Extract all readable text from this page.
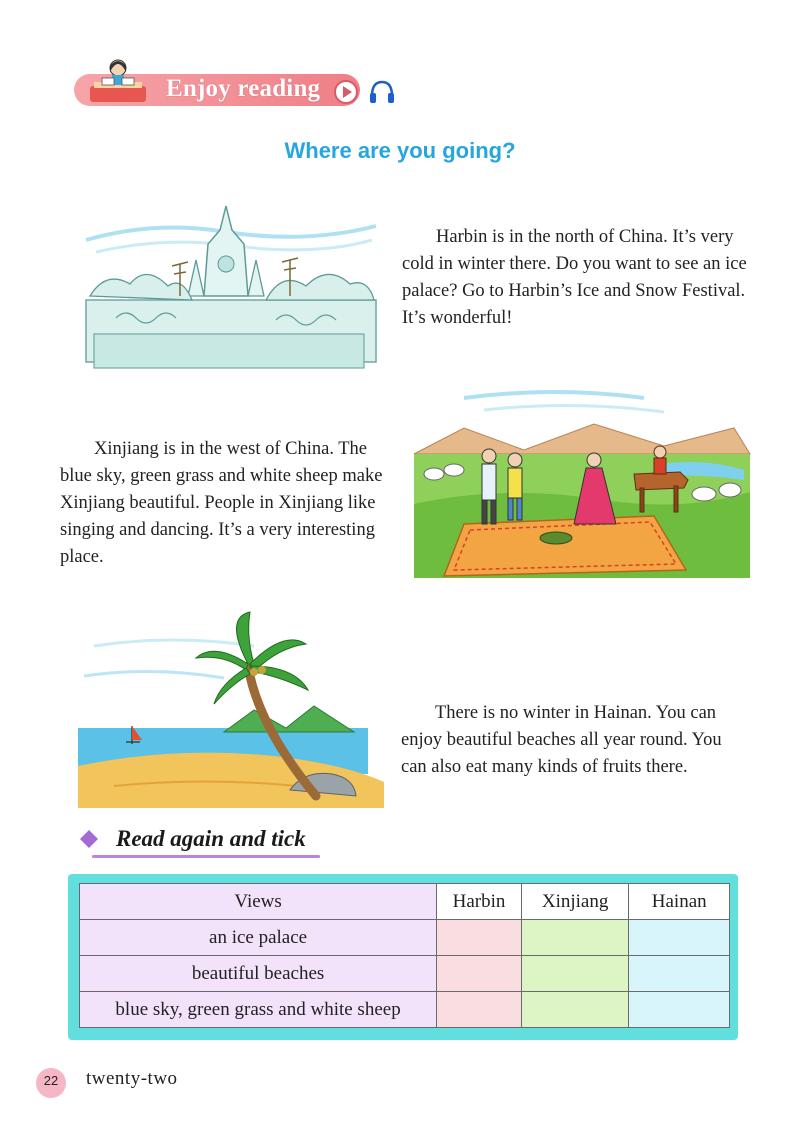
Enjoy reading
Where are you going?
Harbin is in the north of China. It’s very cold in winter there. Do you want to see an ice palace? Go to Harbin’s Ice and Snow Festival. It’s wonderful!
Xinjiang is in the west of China. The blue sky, green grass and white sheep make Xinjiang beautiful. People in Xinjiang like singing and dancing. It’s a very interesting place.
There is no winter in Hainan. You can enjoy beautiful beaches all year round. You can also eat many kinds of fruits there.
Read again and tick
Views	Harbin	Xinjiang	Hainan
an ice palace			
beautiful beaches			
blue sky, green grass and white sheep			
22	twenty-two
